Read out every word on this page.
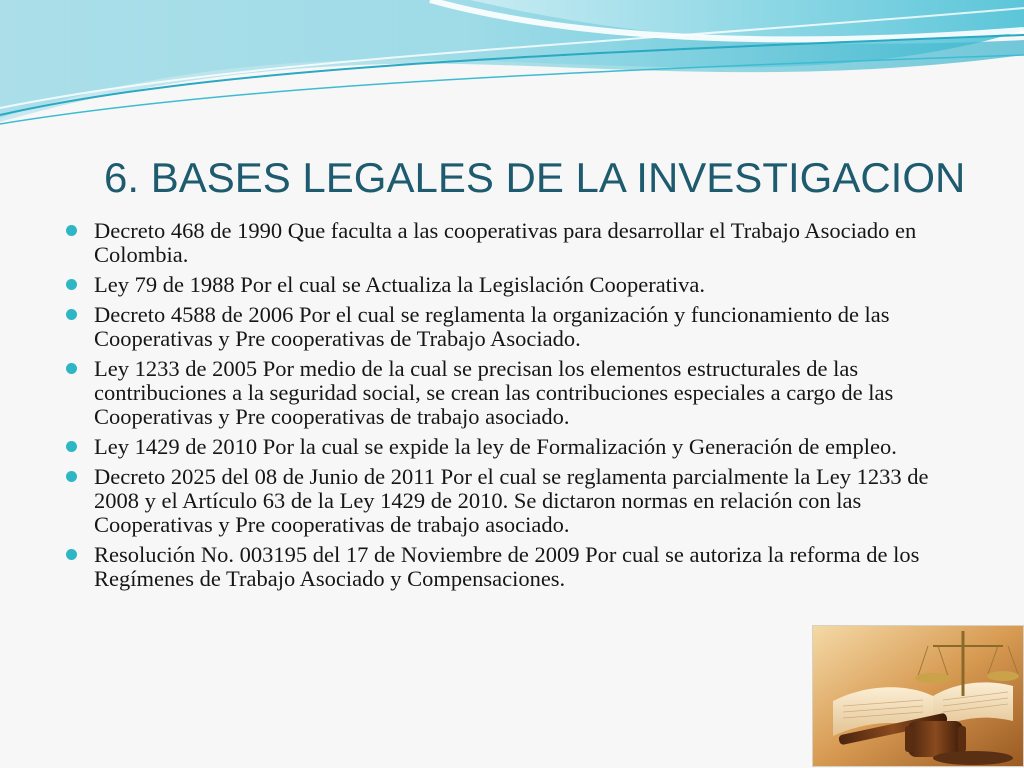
6. BASES LEGALES DE LA INVESTIGACION
Decreto 468 de 1990 Que faculta a las cooperativas para desarrollar el Trabajo Asociado en Colombia.
Ley 79 de 1988 Por el cual se Actualiza la Legislación Cooperativa.
Decreto 4588 de 2006 Por el cual se reglamenta la organización y funcionamiento de las Cooperativas y Pre cooperativas de Trabajo Asociado.
Ley 1233 de 2005 Por medio de la cual se precisan los elementos estructurales de las contribuciones a la seguridad social, se crean las contribuciones especiales a cargo de las Cooperativas y Pre cooperativas de trabajo asociado.
Ley 1429 de 2010 Por la cual se expide la ley de Formalización y Generación de empleo.
Decreto 2025 del 08 de Junio de 2011 Por el cual se reglamenta parcialmente la Ley 1233 de 2008 y el Artículo 63 de la Ley 1429 de 2010. Se dictaron normas en relación con las Cooperativas y Pre cooperativas de trabajo asociado.
Resolución No. 003195 del 17 de Noviembre de 2009 Por cual se autoriza la reforma de los Regímenes de Trabajo Asociado y Compensaciones.
